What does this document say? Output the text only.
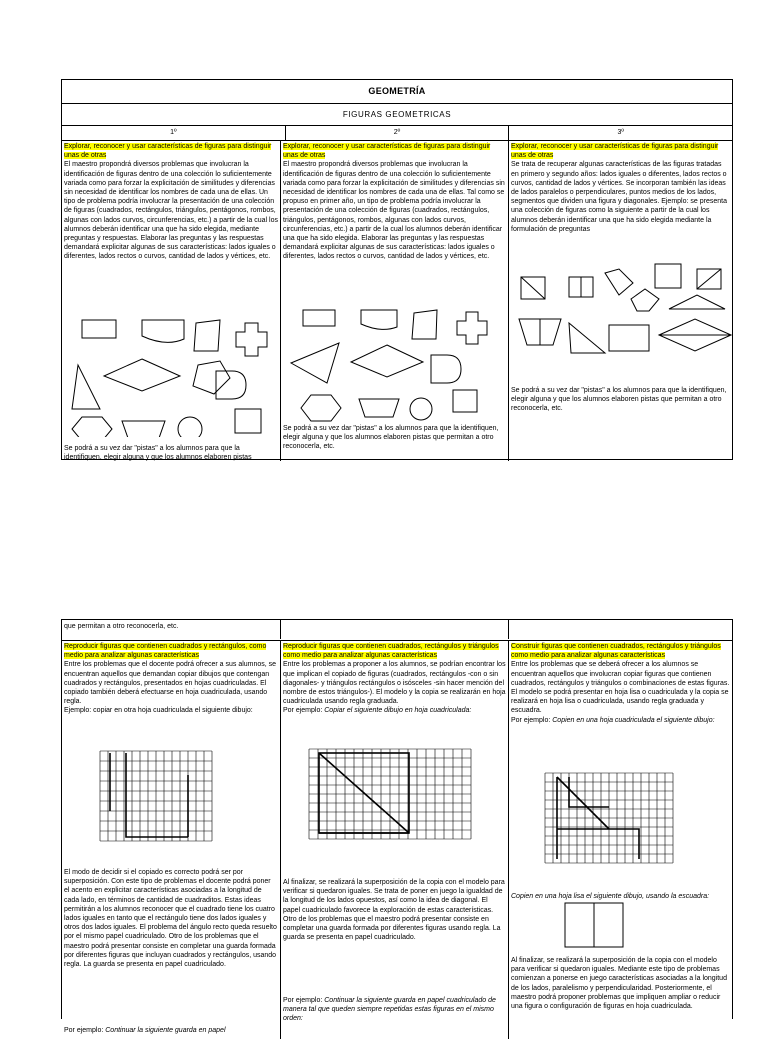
GEOMETRÍA
FIGURAS GEOMETRICAS
1º	2º	3º
Explorar, reconocer y usar características de figuras para distinguir unas de otras
El maestro propondrá diversos problemas que involucran la identificación de figuras dentro de una colección lo suficientemente variada como para forzar la explicitación de similitudes y diferencias sin necesidad de identificar los nombres de cada una de ellas. Un tipo de problema podría involucrar la presentación de una colección de figuras (cuadrados, rectángulos, triángulos, pentágonos, rombos, algunas con lados curvos, circunferencias, etc.) a partir de la cual los alumnos deberán identificar una que ha sido elegida, mediante preguntas y respuestas. Elaborar las preguntas y las respuestas demandará explicitar algunas de sus características: lados iguales o diferentes, lados rectos o curvos, cantidad de lados y vértices, etc.
Se podrá a su vez dar "pistas" a los alumnos para que la identifiquen, elegir alguna y que los alumnos elaboren pistas
Explorar, reconocer y usar características de figuras para distinguir unas de otras
El maestro propondrá diversos problemas que involucran la identificación de figuras dentro de una colección lo suficientemente variada como para forzar la explicitación de similitudes y diferencias sin necesidad de identificar los nombres de cada una de ellas. Tal como se propuso en primer año, un tipo de problema podría involucrar la presentación de una colección de figuras (cuadrados, rectángulos, triángulos, pentágonos, rombos, algunas con lados curvos, circunferencias, etc.) a partir de la cual los alumnos deberán identificar una que ha sido elegida. Elaborar las preguntas y las respuestas demandará explicitar algunas de sus características: lados iguales o diferentes, lados rectos o curvos, cantidad de lados y vértices, etc.
Se podrá a su vez dar "pistas" a los alumnos para que la identifiquen, elegir alguna y que los alumnos elaboren pistas que permitan a otro reconocerla, etc.
Explorar, reconocer y usar características de figuras para distinguir unas de otras
Se trata de recuperar algunas características de las figuras tratadas en primero y segundo años: lados iguales o diferentes, lados rectos o curvos, cantidad de lados y vértices. Se incorporan también las ideas de lados paralelos o perpendiculares, puntos medios de los lados, segmentos que dividen una figura y diagonales. Ejemplo: se presenta una colección de figuras como la siguiente a partir de la cual los alumnos deberán identificar una que ha sido elegida mediante la formulación de preguntas
Se podrá a su vez dar "pistas" a los alumnos para que la identifiquen, elegir alguna y que los alumnos elaboren pistas que permitan a otro reconocerla, etc.
que permitan a otro reconocerla, etc.
Reproducir figuras que contienen cuadrados y rectángulos, como medio para analizar algunas características
Entre los problemas que el docente podrá ofrecer a sus alumnos, se encuentran aquellos que demandan copiar dibujos que contengan cuadrados y rectángulos, presentados en hojas cuadriculadas. El copiado también deberá efectuarse en hoja cuadriculada, usando regla.
Ejemplo: copiar en otra hoja cuadriculada el siguiente dibujo:
El modo de decidir si el copiado es correcto podrá ser por superposición. Con este tipo de problemas el docente podrá poner el acento en explicitar características asociadas a la longitud de cada lado, en términos de cantidad de cuadraditos. Estas ideas permitirán a los alumnos reconocer que el cuadrado tiene los cuatro lados iguales en tanto que el rectángulo tiene dos lados iguales y otros dos lados iguales. El problema del ángulo recto queda resuelto por el mismo papel cuadriculado. Otro de los problemas que el maestro podrá presentar consiste en completar una guarda formada por diferentes figuras que incluyan cuadrados y rectángulos, usando regla. La guarda se presenta en papel cuadriculado.
Por ejemplo: Continuar la siguiente guarda en papel
Reproducir figuras que contienen cuadrados, rectángulos y triángulos como medio para analizar algunas características
Entre los problemas a proponer a los alumnos, se podrían encontrar los que implican el copiado de figuras (cuadrados, rectángulos -con o sin diagonales- y triángulos rectángulos o isósceles -sin hacer mención del nombre de estos triángulos-). El modelo y la copia se realizarán en hoja cuadriculada usando regla graduada.
Por ejemplo: Copiar el siguiente dibujo en hoja cuadriculada:
Al finalizar, se realizará la superposición de la copia con el modelo para verificar si quedaron iguales. Se trata de poner en juego la igualdad de la longitud de los lados opuestos, así como la idea de diagonal. El papel cuadriculado favorece la exploración de estas características. Otro de los problemas que el maestro podrá presentar consiste en completar una guarda formada por diferentes figuras usando regla. La guarda se presenta en papel cuadriculado.
Por ejemplo: Continuar la siguiente guarda en papel cuadriculado de manera tal que queden siempre repetidas estas figuras en el mismo orden:
Construir figuras que contienen cuadrados, rectángulos y triángulos como medio para analizar algunas características
Entre los problemas que se deberá ofrecer a los alumnos se encuentran aquellos que involucran copiar figuras que contienen cuadrados, rectángulos y triángulos o combinaciones de estas figuras. El modelo se podrá presentar en hoja lisa o cuadriculada y la copia se realizará en hoja lisa o cuadriculada, usando regla graduada y escuadra.
Por ejemplo: Copien en una hoja cuadriculada el siguiente dibujo:
Copien en una hoja lisa el siguiente dibujo, usando la escuadra:
Al finalizar, se realizará la superposición de la copia con el modelo para verificar si quedaron iguales. Mediante este tipo de problemas comienzan a ponerse en juego características asociadas a la longitud de los lados, paralelismo y perpendicularidad. Posteriormente, el maestro podrá proponer problemas que impliquen ampliar o reducir una figura o configuración de figuras en hoja cuadriculada.
